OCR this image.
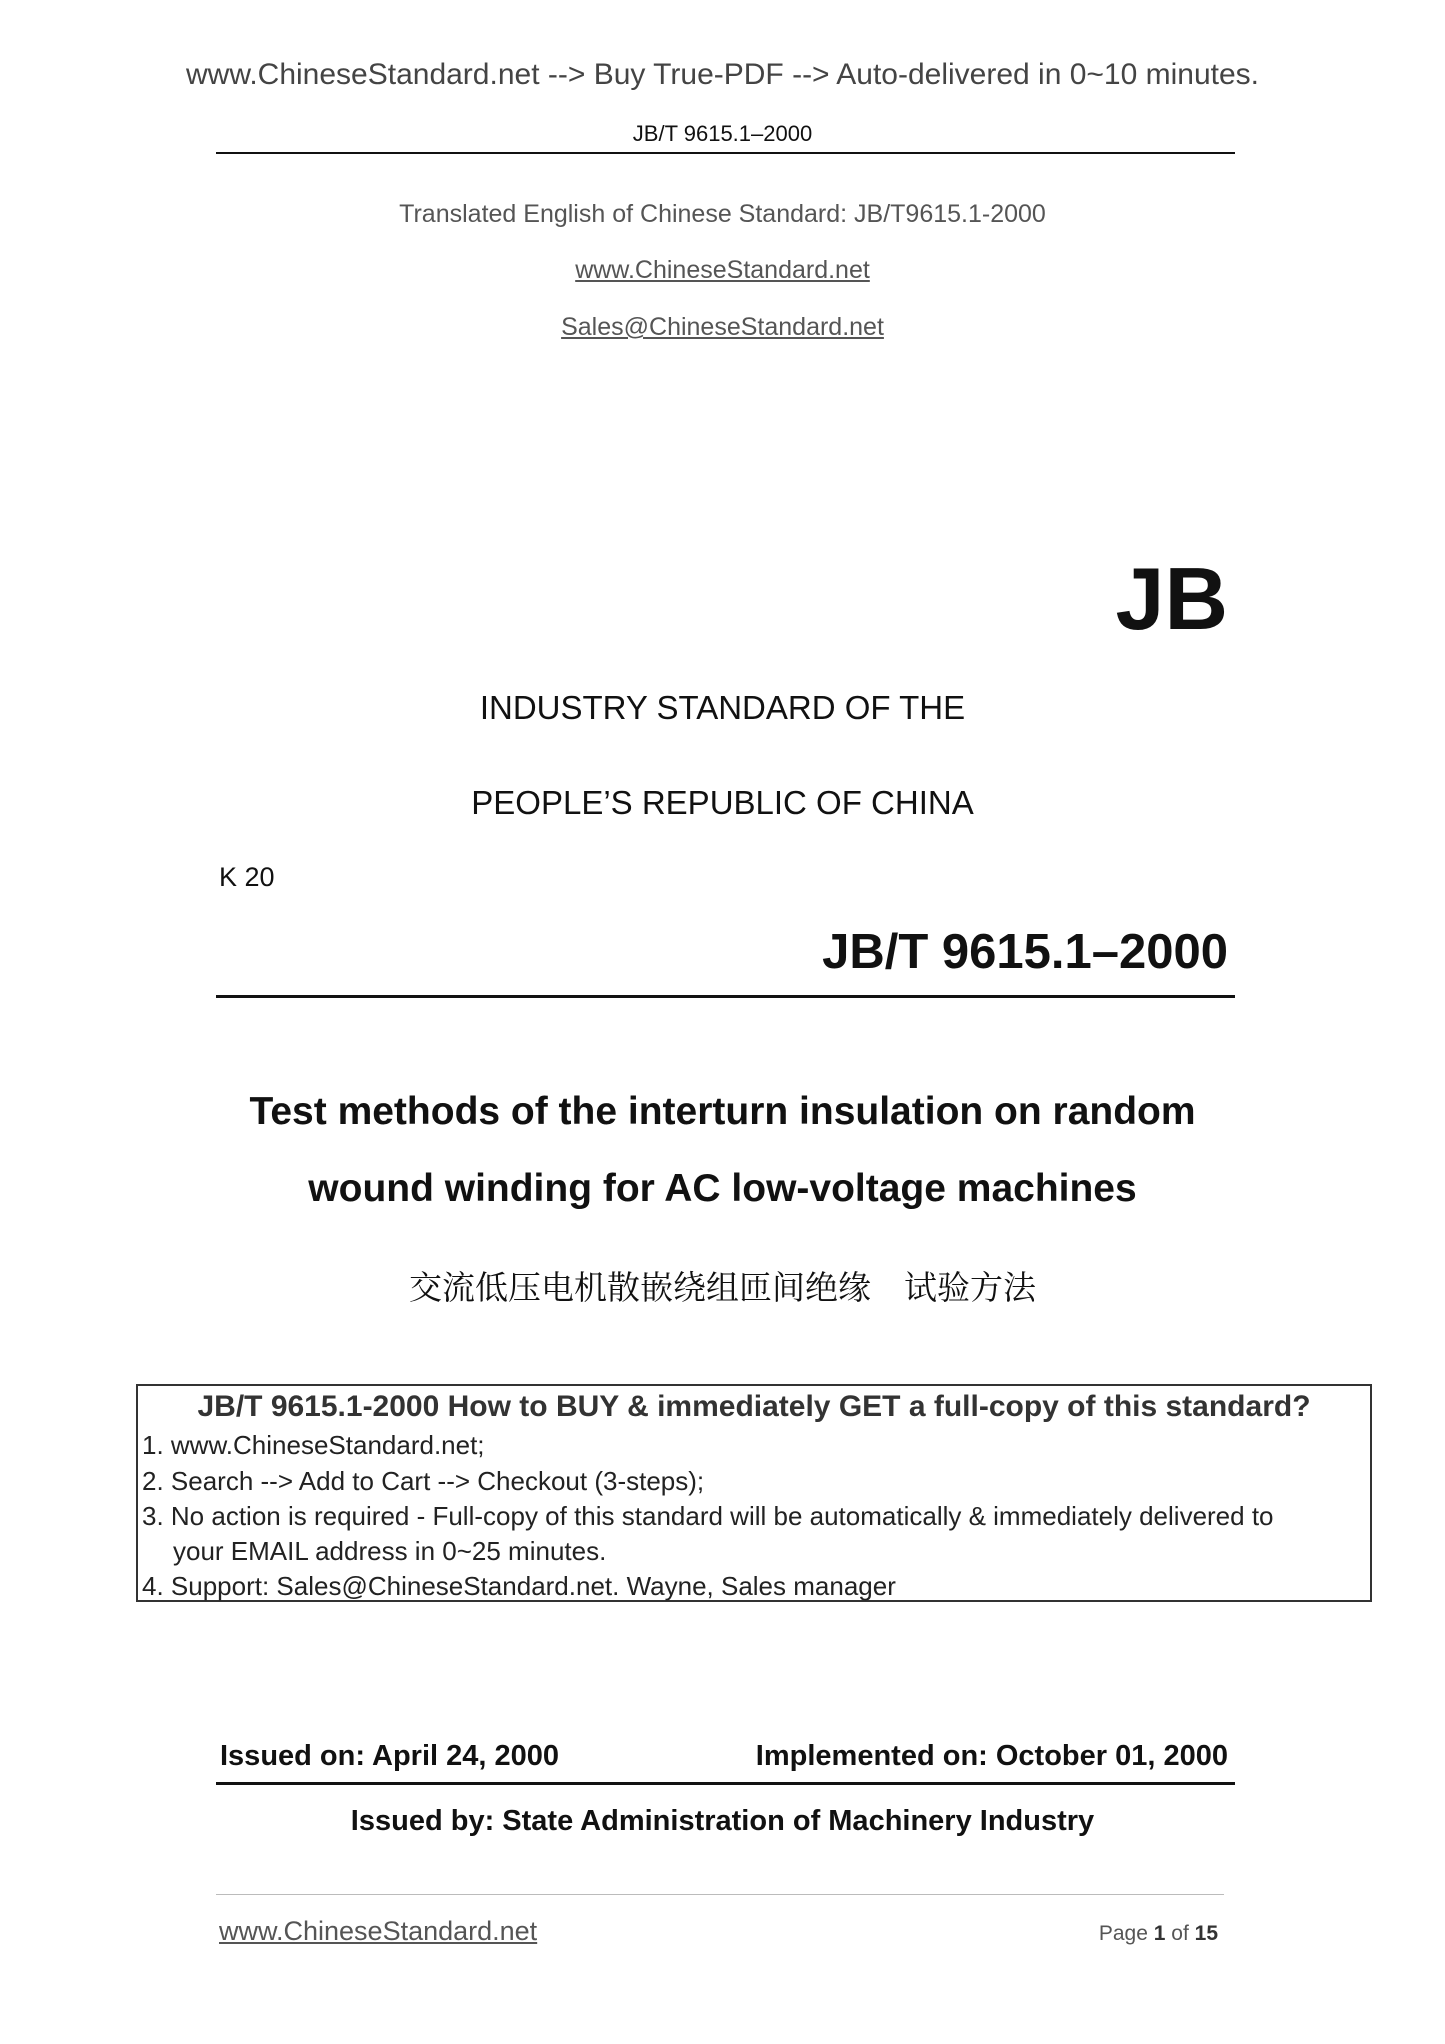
www.ChineseStandard.net --> Buy True-PDF --> Auto-delivered in 0~10 minutes.
JB/T 9615.1–2000
Translated English of Chinese Standard: JB/T9615.1-2000
www.ChineseStandard.net
Sales@ChineseStandard.net
JB
INDUSTRY STANDARD OF THE
PEOPLE’S REPUBLIC OF CHINA
K 20
JB/T 9615.1–2000
Test methods of the interturn insulation on random
wound winding for AC low-voltage machines
交流低压电机散嵌绕组匝间绝缘　试验方法
JB/T 9615.1-2000 How to BUY & immediately GET a full-copy of this standard?
1. www.ChineseStandard.net;
2. Search --> Add to Cart --> Checkout (3-steps);
3. No action is required - Full-copy of this standard will be automatically & immediately delivered to
your EMAIL address in 0~25 minutes.
4. Support: Sales@ChineseStandard.net. Wayne, Sales manager
Issued on: April 24, 2000	Implemented on: October 01, 2000
Issued by: State Administration of Machinery Industry
www.ChineseStandard.net	Page 1 of 15
